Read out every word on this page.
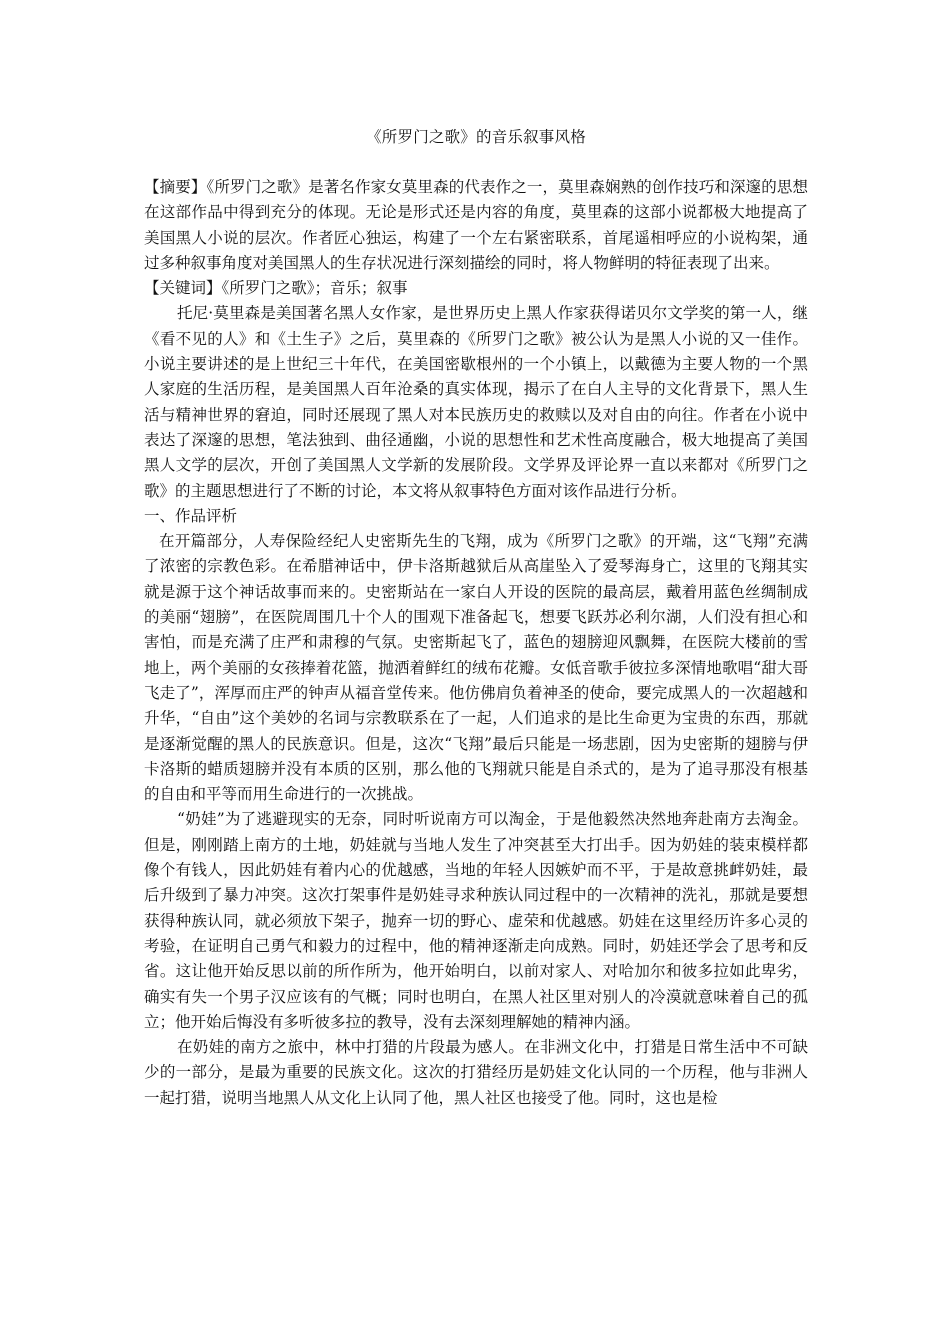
《所罗门之歌》的音乐叙事风格

【摘要】《所罗门之歌》是著名作家女莫里森的代表作之一，莫里森娴熟的创作技巧和深邃的思想在这部作品中得到充分的体现。无论是形式还是内容的角度，莫里森的这部小说都极大地提高了美国黑人小说的层次。作者匠心独运，构建了一个左右紧密联系，首尾遥相呼应的小说构架，通过多种叙事角度对美国黑人的生存状况进行深刻描绘的同时，将人物鲜明的特征表现了出来。

【关键词】《所罗门之歌》；音乐；叙事

托尼·莫里森是美国著名黑人女作家，是世界历史上黑人作家获得诺贝尔文学奖的第一人，继《看不见的人》和《土生子》之后，莫里森的《所罗门之歌》被公认为是黑人小说的又一佳作。小说主要讲述的是上世纪三十年代，在美国密歇根州的一个小镇上，以戴德为主要人物的一个黑人家庭的生活历程，是美国黑人百年沧桑的真实体现，揭示了在白人主导的文化背景下，黑人生活与精神世界的窘迫，同时还展现了黑人对本民族历史的救赎以及对自由的向往。作者在小说中表达了深邃的思想，笔法独到、曲径通幽，小说的思想性和艺术性高度融合，极大地提高了美国黑人文学的层次，开创了美国黑人文学新的发展阶段。文学界及评论界一直以来都对《所罗门之歌》的主题思想进行了不断的讨论，本文将从叙事特色方面对该作品进行分析。

一、作品评析

在开篇部分，人寿保险经纪人史密斯先生的飞翔，成为《所罗门之歌》的开端，这“飞翔”充满了浓密的宗教色彩。在希腊神话中，伊卡洛斯越狱后从高崖坠入了爱琴海身亡，这里的飞翔其实就是源于这个神话故事而来的。史密斯站在一家白人开设的医院的最高层，戴着用蓝色丝绸制成的美丽“翅膀”，在医院周围几十个人的围观下准备起飞，想要飞跃苏必利尔湖，人们没有担心和害怕，而是充满了庄严和肃穆的气氛。史密斯起飞了，蓝色的翅膀迎风飘舞，在医院大楼前的雪地上，两个美丽的女孩捧着花篮，抛洒着鲜红的绒布花瓣。女低音歌手彼拉多深情地歌唱“甜大哥飞走了”，浑厚而庄严的钟声从福音堂传来。他仿佛肩负着神圣的使命，要完成黑人的一次超越和升华，“自由”这个美妙的名词与宗教联系在了一起，人们追求的是比生命更为宝贵的东西，那就是逐渐觉醒的黑人的民族意识。但是，这次“飞翔”最后只能是一场悲剧，因为史密斯的翅膀与伊卡洛斯的蜡质翅膀并没有本质的区别，那么他的飞翔就只能是自杀式的，是为了追寻那没有根基的自由和平等而用生命进行的一次挑战。

“奶娃”为了逃避现实的无奈，同时听说南方可以淘金，于是他毅然决然地奔赴南方去淘金。但是，刚刚踏上南方的土地，奶娃就与当地人发生了冲突甚至大打出手。因为奶娃的装束模样都像个有钱人，因此奶娃有着内心的优越感，当地的年轻人因嫉妒而不平，于是故意挑衅奶娃，最后升级到了暴力冲突。这次打架事件是奶娃寻求种族认同过程中的一次精神的洗礼，那就是要想获得种族认同，就必须放下架子，抛弃一切的野心、虚荣和优越感。奶娃在这里经历许多心灵的考验，在证明自己勇气和毅力的过程中，他的精神逐渐走向成熟。同时，奶娃还学会了思考和反省。这让他开始反思以前的所作所为，他开始明白，以前对家人、对哈加尔和彼多拉如此卑劣，确实有失一个男子汉应该有的气概；同时也明白，在黑人社区里对别人的冷漠就意味着自己的孤立；他开始后悔没有多听彼多拉的教导，没有去深刻理解她的精神内涵。

在奶娃的南方之旅中，林中打猎的片段最为感人。在非洲文化中，打猎是日常生活中不可缺少的一部分，是最为重要的民族文化。这次的打猎经历是奶娃文化认同的一个历程，他与非洲人一起打猎，说明当地黑人从文化上认同了他，黑人社区也接受了他。同时，这也是检
